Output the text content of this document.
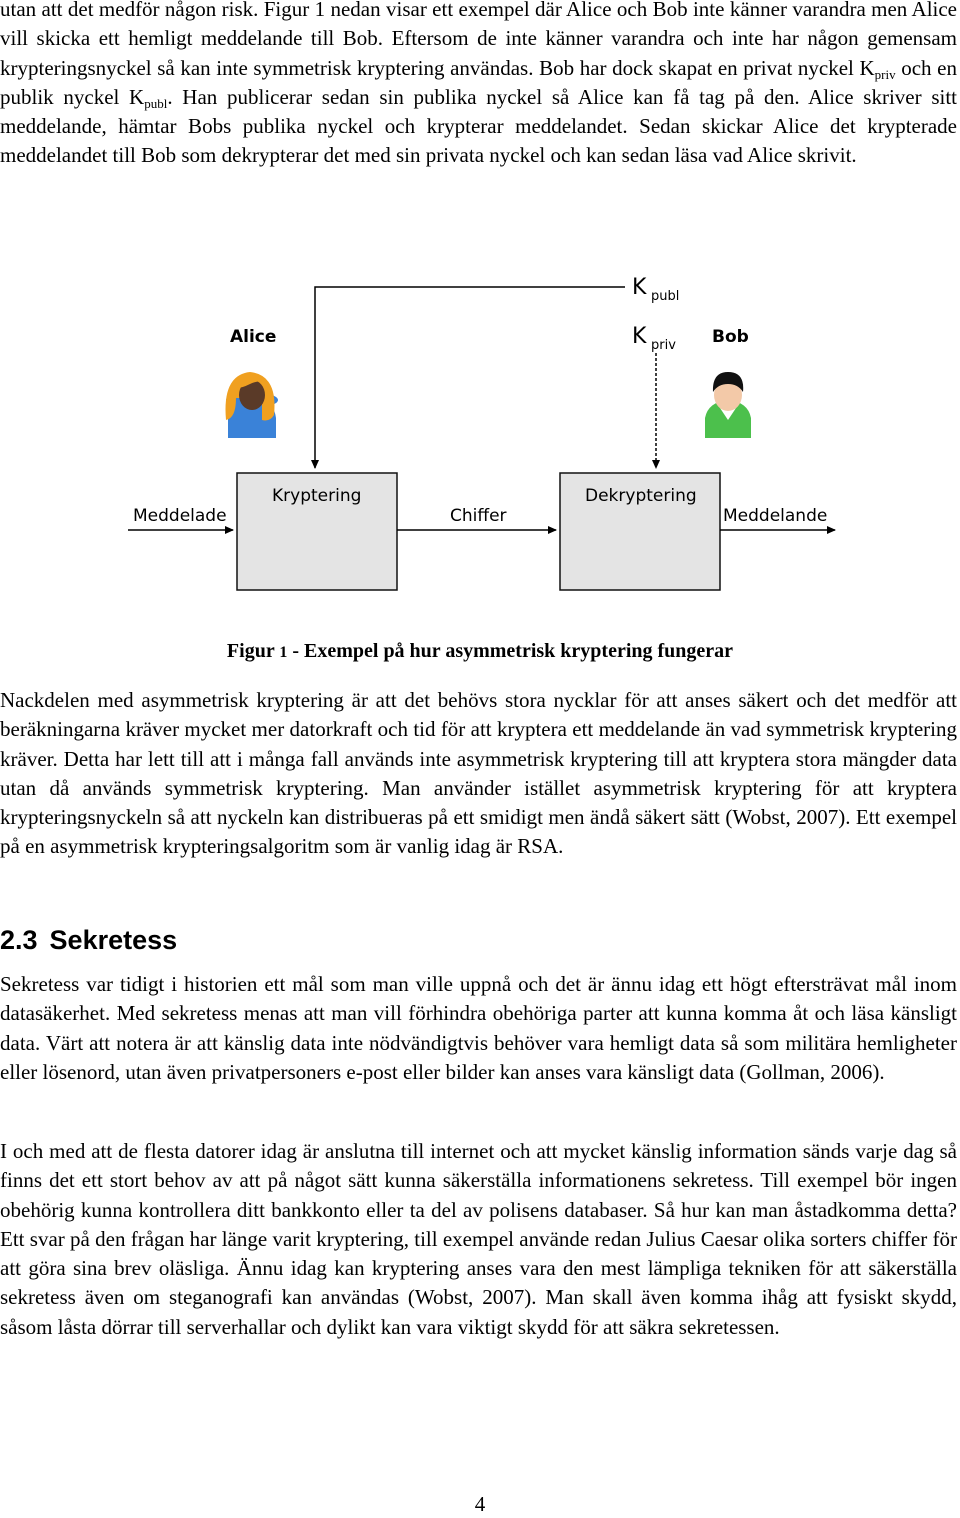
utan att det medför någon risk. Figur 1 nedan visar ett exempel där Alice och Bob inte känner varandra men Alice vill skicka ett hemligt meddelande till Bob. Eftersom de inte känner varandra och inte har någon gemensam krypteringsnyckel så kan inte symmetrisk kryptering användas. Bob har dock skapat en privat nyckel $K_{priv}$ och en publik nyckel $K_{publ}$. Han publicerar sedan sin publika nyckel så Alice kan få tag på den. Alice skriver sitt meddelande, hämtar Bobs publika nyckel och krypterar meddelandet. Sedan skickar Alice det krypterade meddelandet till Bob som dekrypterar det med sin privata nyckel och kan sedan läsa vad Alice skrivit.

Alice	Bob
K publ
K priv
Kryptering	Dekryptering
Meddelade	Chiffer	Meddelande

Figur 1 - Exempel på hur asymmetrisk kryptering fungerar

Nackdelen med asymmetrisk kryptering är att det behövs stora nycklar för att anses säkert och det medför att beräkningarna kräver mycket mer datorkraft och tid för att kryptera ett meddelande än vad symmetrisk kryptering kräver. Detta har lett till att i många fall används inte asymmetrisk kryptering till att kryptera stora mängder data utan då används symmetrisk kryptering. Man använder istället asymmetrisk kryptering för att kryptera krypteringsnyckeln så att nyckeln kan distribueras på ett smidigt men ändå säkert sätt (Wobst, 2007). Ett exempel på en asymmetrisk krypteringsalgoritm som är vanlig idag är RSA.

2.3 Sekretess

Sekretess var tidigt i historien ett mål som man ville uppnå och det är ännu idag ett högt eftersträvat mål inom datasäkerhet. Med sekretess menas att man vill förhindra obehöriga parter att kunna komma åt och läsa känsligt data. Värt att notera är att känslig data inte nödvändigtvis behöver vara hemligt data så som militära hemligheter eller lösenord, utan även privatpersoners e-post eller bilder kan anses vara känsligt data (Gollman, 2006).

I och med att de flesta datorer idag är anslutna till internet och att mycket känslig information sänds varje dag så finns det ett stort behov av att på något sätt kunna säkerställa informationens sekretess. Till exempel bör ingen obehörig kunna kontrollera ditt bankkonto eller ta del av polisens databaser. Så hur kan man åstadkomma detta? Ett svar på den frågan har länge varit kryptering, till exempel använde redan Julius Caesar olika sorters chiffer för att göra sina brev oläsliga. Ännu idag kan kryptering anses vara den mest lämpliga tekniken för att säkerställa sekretess även om steganografi kan användas (Wobst, 2007). Man skall även komma ihåg att fysiskt skydd, såsom låsta dörrar till serverhallar och dylikt kan vara viktigt skydd för att säkra sekretessen.

4
